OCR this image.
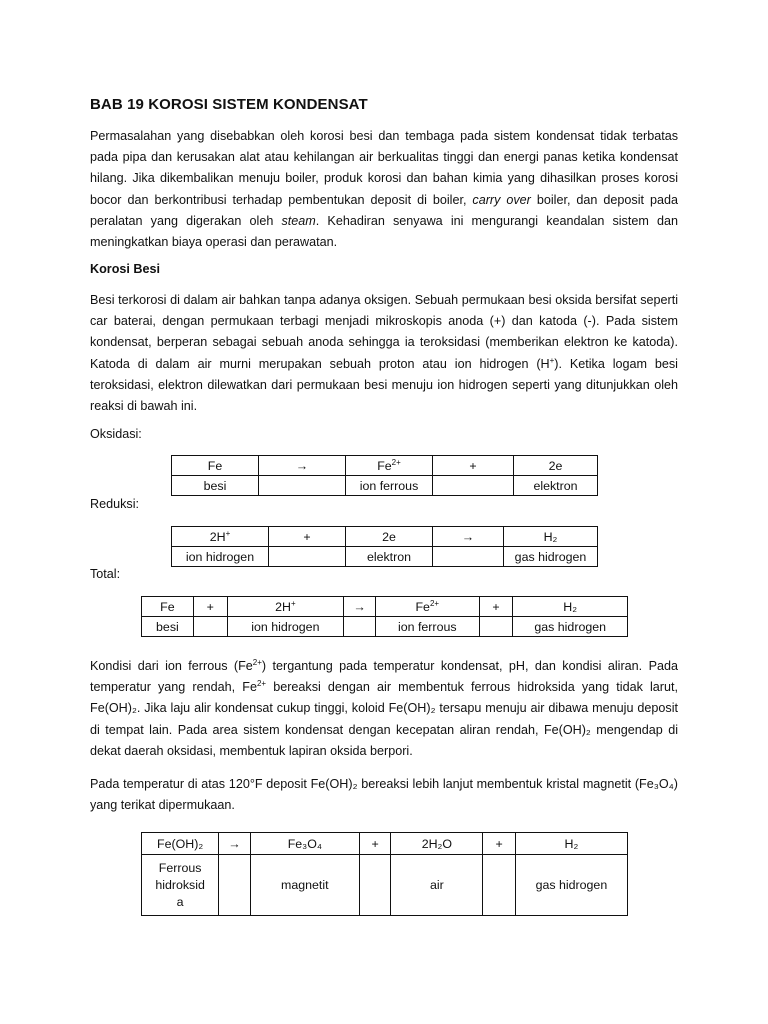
BAB 19 KOROSI SISTEM KONDENSAT
Permasalahan yang disebabkan oleh korosi besi dan tembaga pada sistem kondensat tidak terbatas pada pipa dan kerusakan alat atau kehilangan air berkualitas tinggi dan energi panas ketika kondensat hilang. Jika dikembalikan menuju boiler, produk korosi dan bahan kimia yang dihasilkan proses korosi bocor dan berkontribusi terhadap pembentukan deposit di boiler, carry over boiler, dan deposit pada peralatan yang digerakan oleh steam. Kehadiran senyawa ini mengurangi keandalan sistem dan meningkatkan biaya operasi dan perawatan.
Korosi Besi
Besi terkorosi di dalam air bahkan tanpa adanya oksigen. Sebuah permukaan besi oksida bersifat seperti car baterai, dengan permukaan terbagi menjadi mikroskopis anoda (+) dan katoda (-). Pada sistem kondensat, berperan sebagai sebuah anoda sehingga ia teroksidasi (memberikan elektron ke katoda). Katoda di dalam air murni merupakan sebuah proton atau ion hidrogen (H+). Ketika logam besi teroksidasi, elektron dilewatkan dari permukaan besi menuju ion hidrogen seperti yang ditunjukkan oleh reaksi di bawah ini.
Oksidasi:
Fe	→	$Fe^{2+}$	+	2e
besi		ion ferrous		elektron
Reduksi:
2H+	+	2e	→	H₂
ion hidrogen		elektron		gas hidrogen
Total:
Fe	+	2H+	→	$Fe^{2+}$	+	H₂
besi		ion hidrogen		ion ferrous		gas hidrogen
Kondisi dari ion ferrous $(Fe^{2+})$ tergantung pada temperatur kondensat, pH, dan kondisi aliran. Pada temperatur yang rendah, $Fe^{2+}$ bereaksi dengan air membentuk ferrous hidroksida yang tidak larut, Fe(OH)₂. Jika laju alir kondensat cukup tinggi, koloid Fe(OH)₂ tersapu menuju air dibawa menuju deposit di tempat lain. Pada area sistem kondensat dengan kecepatan aliran rendah, Fe(OH)₂ mengendap di dekat daerah oksidasi, membentuk lapiran oksida berpori.
Pada temperatur di atas 120°F deposit Fe(OH)₂ bereaksi lebih lanjut membentuk kristal magnetit (Fe₃O₄) yang terikat dipermukaan.
Fe(OH)₂	→	Fe₃O₄	+	2H₂O	+	H₂

Ferrous
hidroksid
a		magnetit		air		gas hidrogen
